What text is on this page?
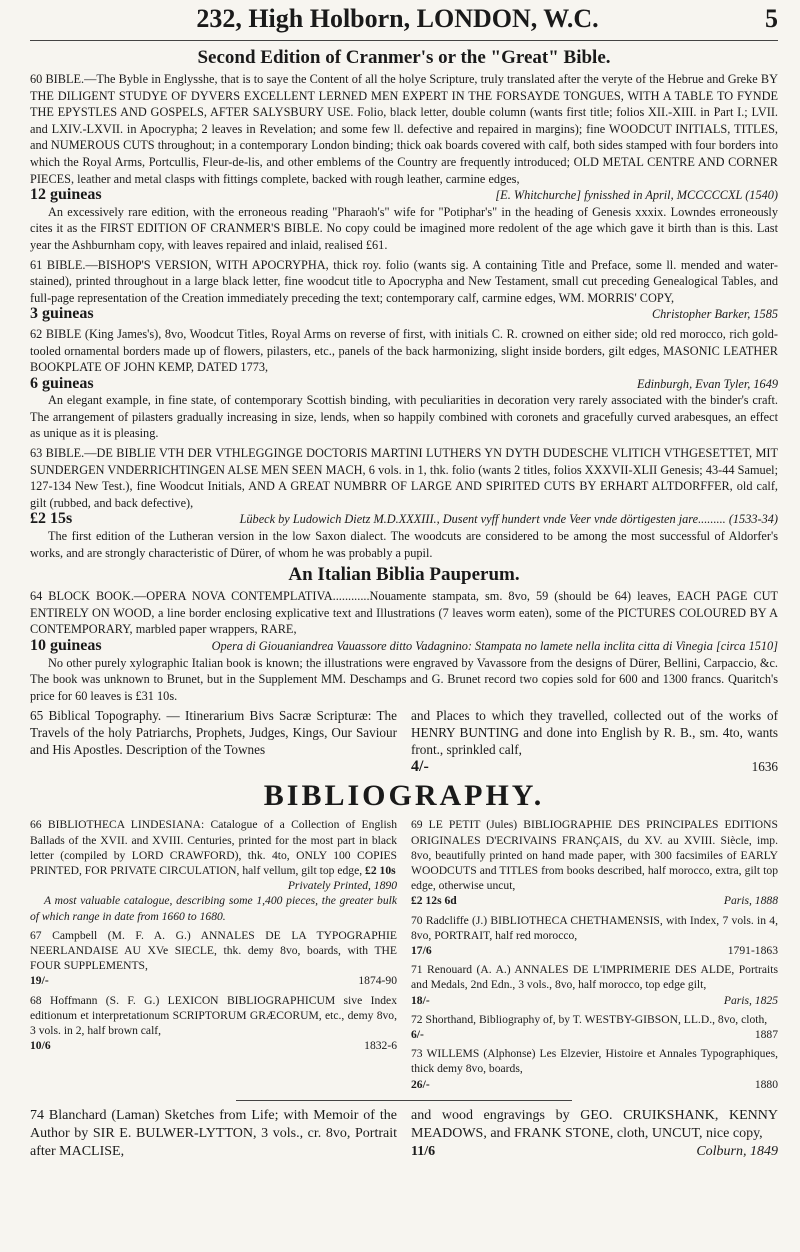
232, High Holborn, LONDON, W.C.	5
Second Edition of Cranmer's or the "Great" Bible.
60 BIBLE.—The Byble in Englysshe, that is to saye the Content of all the holye Scripture, truly translated after the veryte of the Hebrue and Greke BY THE DILIGENT STUDYE OF DYVERS EXCELLENT LERNED MEN EXPERT IN THE FORSAYDE TONGUES, WITH A TABLE TO FYNDE THE EPYSTLES AND GOSPELS, AFTER SALYSBURY USE. Folio, black letter, double column (wants first title; folios XII.-XIII. in Part I.; LVII. and LXIV.-LXVII. in Apocrypha; 2 leaves in Revelation; and some few ll. defective and repaired in margins); fine WOODCUT INITIALS, TITLES, and NUMEROUS CUTS throughout; in a contemporary London binding; thick oak boards covered with calf, both sides stamped with four borders into which the Royal Arms, Portcullis, Fleur-de-lis, and other emblems of the Country are frequently introduced; OLD METAL CENTRE AND CORNER PIECES, leather and metal clasps with fittings complete, backed with rough leather, carmine edges,
12 guineas	[E. Whitchurche] fynisshed in April, MCCCCCXL (1540)
An excessively rare edition, with the erroneous reading "Pharaoh's" wife for "Potiphar's" in the heading of Genesis xxxix. Lowndes erroneously cites it as the FIRST EDITION OF CRANMER'S BIBLE. No copy could be imagined more redolent of the age which gave it birth than is this. Last year the Ashburnham copy, with leaves repaired and inlaid, realised £61.
61 BIBLE.—BISHOP'S VERSION, WITH APOCRYPHA, thick roy. folio (wants sig. A containing Title and Preface, some ll. mended and water-stained), printed throughout in a large black letter, fine woodcut title to Apocrypha and New Testament, small cut preceding Genealogical Tables, and full-page representation of the Creation immediately preceding the text; contemporary calf, carmine edges, WM. MORRIS' COPY,
3 guineas	Christopher Barker, 1585
62 BIBLE (King James's), 8vo, Woodcut Titles, Royal Arms on reverse of first, with initials C. R. crowned on either side; old red morocco, rich gold-tooled ornamental borders made up of flowers, pilasters, etc., panels of the back harmonizing, slight inside borders, gilt edges, MASONIC LEATHER BOOKPLATE OF JOHN KEMP, DATED 1773,
6 guineas	Edinburgh, Evan Tyler, 1649
An elegant example, in fine state, of contemporary Scottish binding, with peculiarities in decoration very rarely associated with the binder's craft. The arrangement of pilasters gradually increasing in size, lends, when so happily combined with coronets and gracefully curved arabesques, an effect as unique as it is pleasing.
63 BIBLE.—DE BIBLIE VTH DER VTHLEGGINGE DOCTORIS MARTINI LUTHERS YN DYTH DUDESCHE VLITICH VTHGESETTET, MIT SUNDERGEN VNDERRICHTINGEN ALSE MEN SEEN MACH, 6 vols. in 1, thk. folio (wants 2 titles, folios XXXVII-XLII Genesis; 43-44 Samuel; 127-134 New Test.), fine Woodcut Initials, AND A GREAT NUMBRR OF LARGE AND SPIRITED CUTS BY ERHART ALTDORFFER, old calf, gilt (rubbed, and back defective),
£2 15s	Lübeck by Ludowich Dietz M.D.XXXIII., Dusent vyff hundert vnde Veer vnde dörtigesten jare......... (1533-34)
The first edition of the Lutheran version in the low Saxon dialect. The woodcuts are considered to be among the most successful of Aldorfer's works, and are strongly characteristic of Dürer, of whom he was probably a pupil.
An Italian Biblia Pauperum.
64 BLOCK BOOK.—OPERA NOVA CONTEMPLATIVA............Nouamente stampata, sm. 8vo, 59 (should be 64) leaves, EACH PAGE CUT ENTIRELY ON WOOD, a line border enclosing explicative text and Illustrations (7 leaves worm eaten), some of the PICTURES COLOURED BY A CONTEMPORARY, marbled paper wrappers, RARE,
10 guineas	Opera di Giouaniandrea Vauassore ditto Vadagnino: Stampata no lamete nella inclita citta di Vinegia [circa 1510]
No other purely xylographic Italian book is known; the illustrations were engraved by Vavassore from the designs of Dürer, Bellini, Carpaccio, &c. The book was unknown to Brunet, but in the Supplement MM. Deschamps and G. Brunet record two copies sold for 600 and 1300 francs. Quaritch's price for 60 leaves is £31 10s.
65 Biblical Topography. — Itinerarium Bivs Sacræ Scripturæ: The Travels of the holy Patriarchs, Prophets, Judges, Kings, Our Saviour and His Apostles. Description of the Townes
and Places to which they travelled, collected out of the works of HENRY BUNTING and done into English by R. B., sm. 4to, wants front., sprinkled calf,
4/-	1636
BIBLIOGRAPHY.
66 BIBLIOTHECA LINDESIANA: Catalogue of a Collection of English Ballads of the XVII. and XVIII. Centuries, printed for the most part in black letter (compiled by LORD CRAWFORD), thk. 4to, ONLY 100 COPIES PRINTED, FOR PRIVATE CIRCULATION, half vellum, gilt top edge, £2 10s
Privately Printed, 1890
A most valuable catalogue, describing some 1,400 pieces, the greater bulk of which range in date from 1660 to 1680.
67 Campbell (M. F. A. G.) ANNALES DE LA TYPOGRAPHIE NEERLANDAISE AU XVe SIECLE, thk. demy 8vo, boards, with THE FOUR SUPPLEMENTS,
19/-	1874-90
68 Hoffmann (S. F. G.) LEXICON BIBLIOGRAPHICUM sive Index editionum et interpretationum SCRIPTORUM GRÆCORUM, etc., demy 8vo, 3 vols. in 2, half brown calf,
10/6	1832-6
69 LE PETIT (Jules) BIBLIOGRAPHIE DES PRINCIPALES EDITIONS ORIGINALES D'ECRIVAINS FRANÇAIS, du XV. au XVIII. Siècle, imp. 8vo, beautifully printed on hand made paper, with 300 facsimiles of EARLY WOODCUTS and TITLES from books described, half morocco, extra, gilt top edge, otherwise uncut,
£2 12s 6d	Paris, 1888
70 Radcliffe (J.) BIBLIOTHECA CHETHAMENSIS, with Index, 7 vols. in 4, 8vo, PORTRAIT, half red morocco,
17/6	1791-1863
71 Renouard (A. A.) ANNALES DE L'IMPRIMERIE DES ALDE, Portraits and Medals, 2nd Edn., 3 vols., 8vo, half morocco, top edge gilt,
18/-	Paris, 1825
72 Shorthand, Bibliography of, by T. WESTBY-GIBSON, LL.D., 8vo, cloth,
6/-	1887
73 WILLEMS (Alphonse) Les Elzevier, Histoire et Annales Typographiques, thick demy 8vo, boards,
26/-	1880
74 Blanchard (Laman) Sketches from Life; with Memoir of the Author by SIR E. BULWER-LYTTON, 3 vols., cr. 8vo, Portrait after MACLISE,
and wood engravings by GEO. CRUIKSHANK, KENNY MEADOWS, and FRANK STONE, cloth, UNCUT, nice copy,
11/6	Colburn, 1849
